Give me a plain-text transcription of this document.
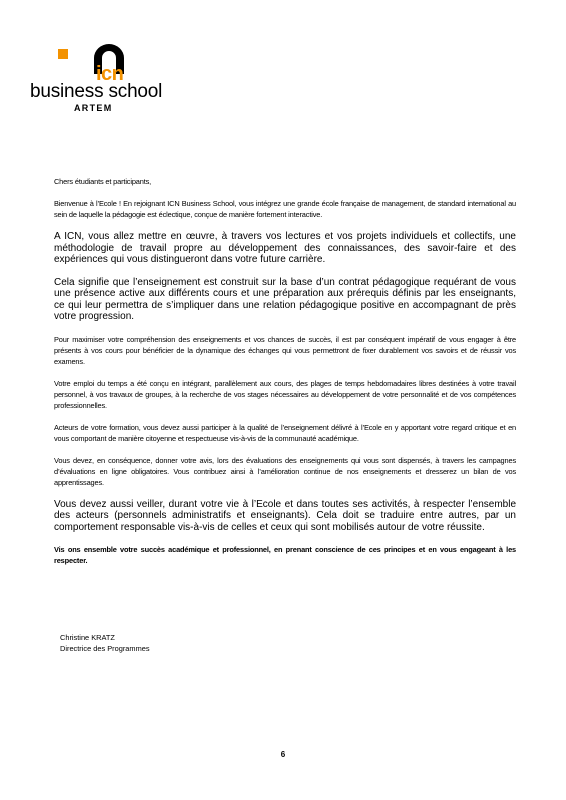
icn
business school
ARTEM

Chers étudiants et participants,

Bienvenue à l’Ecole ! En rejoignant ICN Business School, vous intégrez une grande école française de management, de standard international au sein de laquelle la pédagogie est éclectique, conçue de manière fortement interactive.

A ICN, vous allez mettre en œuvre, à travers vos lectures et vos projets individuels et collectifs, une méthodologie de travail propre au développement des connaissances, des savoir-faire et des expériences qui vous distingueront dans votre future carrière.

Cela signifie que l’enseignement est construit sur la base d’un contrat pédagogique requérant de vous une présence active aux différents cours et une préparation aux prérequis définis par les enseignants, ce qui leur permettra de s’impliquer dans une relation pédagogique positive en accompagnant de près votre progression.

Pour maximiser votre compréhension des enseignements et vos chances de succès, il est par conséquent impératif de vous engager à être présents à vos cours pour bénéficier de la dynamique des échanges qui vous permettront de fixer durablement vos savoirs et de réussir vos examens.

Votre emploi du temps a été conçu en intégrant, parallèlement aux cours, des plages de temps hebdomadaires libres destinées à votre travail personnel, à vos travaux de groupes, à la recherche de vos stages nécessaires au développement de votre personnalité et de vos compétences professionnelles.

Acteurs de votre formation, vous devez aussi participer à la qualité de l’enseignement délivré à l’Ecole en y apportant votre regard critique et en vous comportant de manière citoyenne et respectueuse vis-à-vis de la communauté académique.

Vous devez, en conséquence, donner votre avis, lors des évaluations des enseignements qui vous sont dispensés, à travers les campagnes d’évaluations en ligne obligatoires. Vous contribuez ainsi à l’amélioration continue de nos enseignements et dresserez un bilan de vos apprentissages.

Vous devez aussi veiller, durant votre vie à l’Ecole et dans toutes ses activités, à respecter l’ensemble des acteurs (personnels administratifs et enseignants). Cela doit se traduire entre autres, par un comportement responsable vis-à-vis de celles et ceux qui sont mobilisés autour de votre réussite.

Vis ons ensemble votre succès académique et professionnel, en prenant conscience de ces principes et en vous engageant à les respecter.

Christine KRATZ
Directrice des Programmes
6
